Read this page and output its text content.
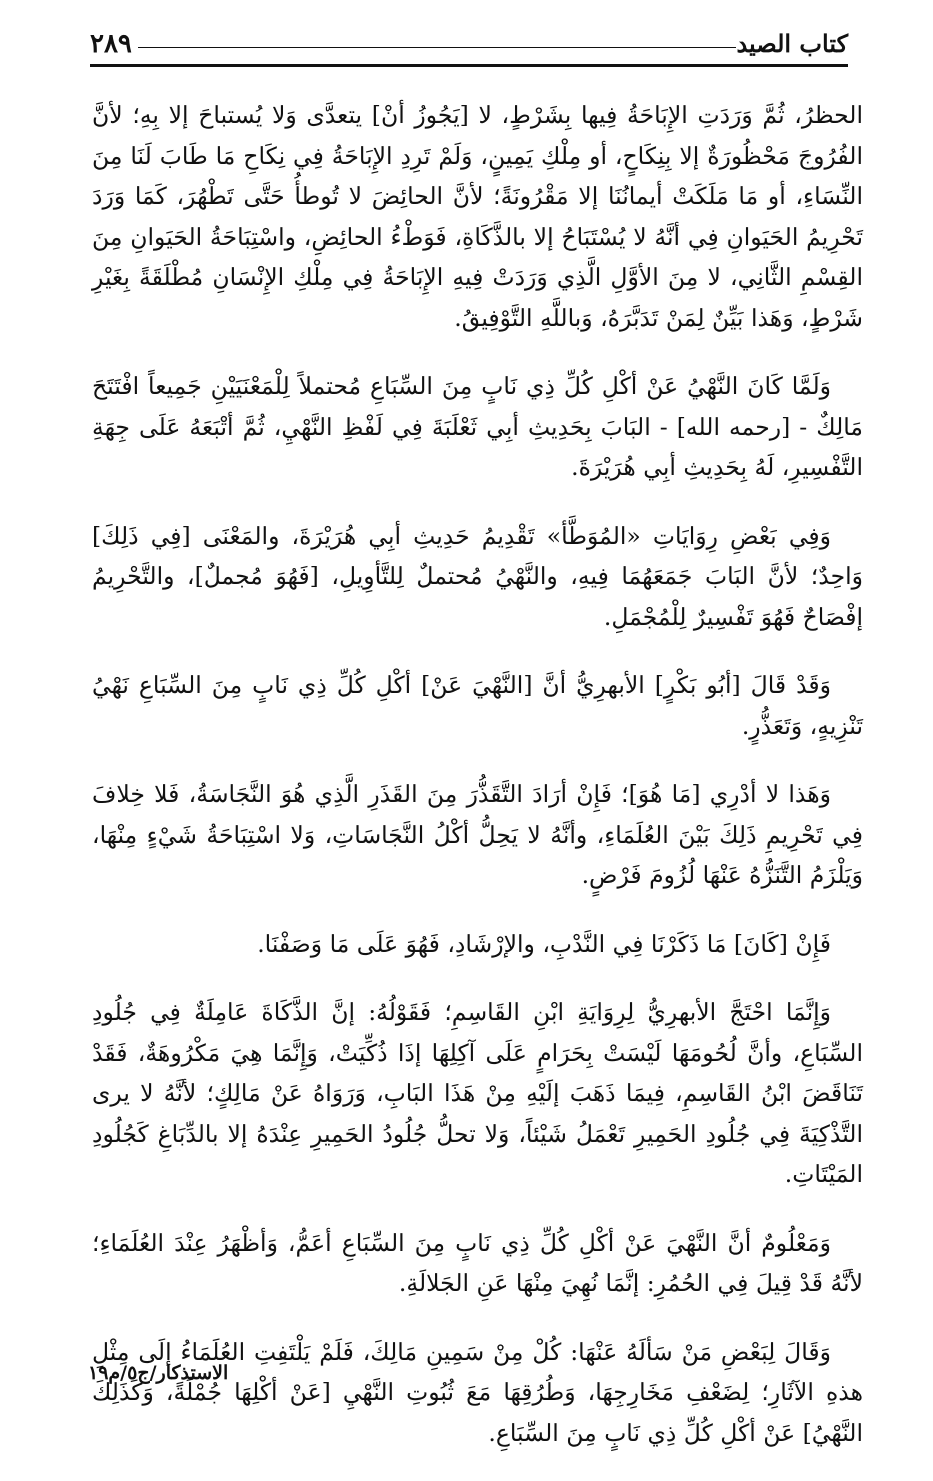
٢٨٩	كتاب الصيد

الحظرُ، ثُمَّ وَرَدَتِ الإِبَاحَةُ فِيها بِشَرْطٍ، لا [يَجُوزُ أنْ] يتعدَّى وَلا يُستباحَ إلا بِهِ؛ لأنَّ الفُرُوجَ مَحْظُورَةٌ إلا بِنِكَاحٍ، أو مِلْكِ يَمِينٍ، وَلَمْ تَرِدِ الإِبَاحَةُ فِي نِكَاحِ مَا طَابَ لَنَا مِنَ النِّسَاءِ، أو مَا مَلَكَتْ أيمانُنَا إلا مَقْرُونَةً؛ لأنَّ الحائِضَ لا تُوطأُ حَتَّى تَطْهُرَ، كَمَا وَرَدَ تَحْرِيمُ الحَيَوانِ فِي أنَّهُ لا يُسْتَبَاحُ إلا بالذَّكَاةِ، فَوَطْءُ الحائِضِ، واسْتِبَاحَةُ الحَيَوانِ مِنَ القِسْمِ الثَّانِي، لا مِنَ الأوَّلِ الَّذِي وَرَدَتْ فِيهِ الإِبَاحَةُ فِي مِلْكِ الإِنْسَانِ مُطْلَقَةً بِغَيْرِ شَرْطٍ، وَهَذا بَيِّنٌ لِمَنْ تَدَبَّرَهُ، وَباللَّهِ التَّوْفِيقُ.

وَلَمَّا كَانَ النَّهْيُ عَنْ أكْلِ كُلِّ ذِي نَابٍ مِنَ السِّبَاعِ مُحتملاً لِلْمَعْنَيَيْنِ جَمِيعاً افْتَتَحَ مَالِكٌ - [رحمه الله] - البَابَ بِحَدِيثِ أبِي ثَعْلَبَةَ فِي لَفْظِ النَّهْيِ، ثُمَّ أتْبَعَهُ عَلَى جِهَةِ التَّفْسِيرِ، لَهُ بِحَدِيثِ أبِي هُرَيْرَةَ.

وَفِي بَعْضِ رِوَايَاتِ «المُوَطَّأ» تَقْدِيمُ حَدِيثِ أبِي هُرَيْرَةَ، والمَعْنَى [فِي ذَلِكَ] وَاحِدٌ؛ لأنَّ البَابَ جَمَعَهُمَا فِيهِ، والنَّهْيُ مُحتملٌ لِلتَّأوِيلِ، [فَهُوَ مُجملٌ]، والتَّحْرِيمُ إفْصَاحٌ فَهُوَ تَفْسِيرٌ لِلْمُجْمَلِ.

وَقَدْ قَالَ [أبُو بَكْرٍ] الأبهرِيُّ أنَّ [النَّهْيَ عَنْ] أكْلِ كُلِّ ذِي نَابٍ مِنَ السِّبَاعِ نَهْيُ تَنْزِيهٍ، وَتَعَذُّرٍ.

وَهَذا لا أدْرِي [مَا هُوَ]؛ فَإِنْ أرَادَ التَّقَذُّرَ مِنَ القَذَرِ الَّذِي هُوَ النَّجَاسَةُ، فَلا خِلافَ فِي تَحْرِيمِ ذَلِكَ بَيْنَ العُلَمَاءِ، وأنَّهُ لا يَحِلُّ أكْلُ النَّجَاسَاتِ، وَلا اسْتِبَاحَةُ شَيْءٍ مِنْهَا، وَيَلْزَمُ التَّنَزُّهُ عَنْهَا لُزُومَ فَرْضٍ.

فَإِنْ [كَانَ] مَا ذَكَرْنَا فِي النَّدْبِ، والإرْشَادِ، فَهُوَ عَلَى مَا وَصَفْنَا.

وَإِنَّمَا احْتَجَّ الأبهرِيُّ لِرِوَايَةِ ابْنِ القَاسِمِ؛ فَقَوْلُهُ: إنَّ الذَّكَاةَ عَامِلَةٌ فِي جُلُودِ السِّبَاعِ، وأنَّ لُحُومَهَا لَيْسَتْ بِحَرَامٍ عَلَى آكِلِهَا إذَا ذُكِّيَتْ، وَإِنَّمَا هِيَ مَكْرُوهَةٌ، فَقَدْ تَنَاقَضَ ابْنُ القَاسِمِ، فِيمَا ذَهَبَ إلَيْهِ مِنْ هَذَا البَابِ، وَرَوَاهُ عَنْ مَالِكٍ؛ لأنَّهُ لا يرى التَّذْكِيَةَ فِي جُلُودِ الحَمِيرِ تَعْمَلُ شَيْئاً، وَلا تحلُّ جُلُودُ الحَمِيرِ عِنْدَهُ إلا بالدِّبَاغِ كَجُلُودِ المَيْتَاتِ.

وَمَعْلُومٌ أنَّ النَّهْيَ عَنْ أكْلِ كُلِّ ذِي نَابٍ مِنَ السِّبَاعِ أعَمُّ، وَأظْهَرُ عِنْدَ العُلَمَاءِ؛ لأنَّهُ قَدْ قِيلَ فِي الحُمُرِ: إنَّمَا نُهِيَ مِنْهَا عَنِ الجَلالَةِ.

وَقَالَ لِبَعْضِ مَنْ سَألَهُ عَنْهَا: كُلْ مِنْ سَمِينِ مَالِكَ، فَلَمْ يَلْتَفِتِ العُلَمَاءُ إلَى مِثْلِ هذهِ الآثَارِ؛ لِضَعْفِ مَخَارِجِهَا، وَطُرُقِهَا مَعَ ثُبُوتِ النَّهْيِ [عَنْ أكْلِهَا جُمْلَةً، وَكَذَلِكَ النَّهْيُ] عَنْ أكْلِ كُلِّ ذِي نَابٍ مِنَ السِّبَاعِ.

الاستذكار/ج٥/م١٩
